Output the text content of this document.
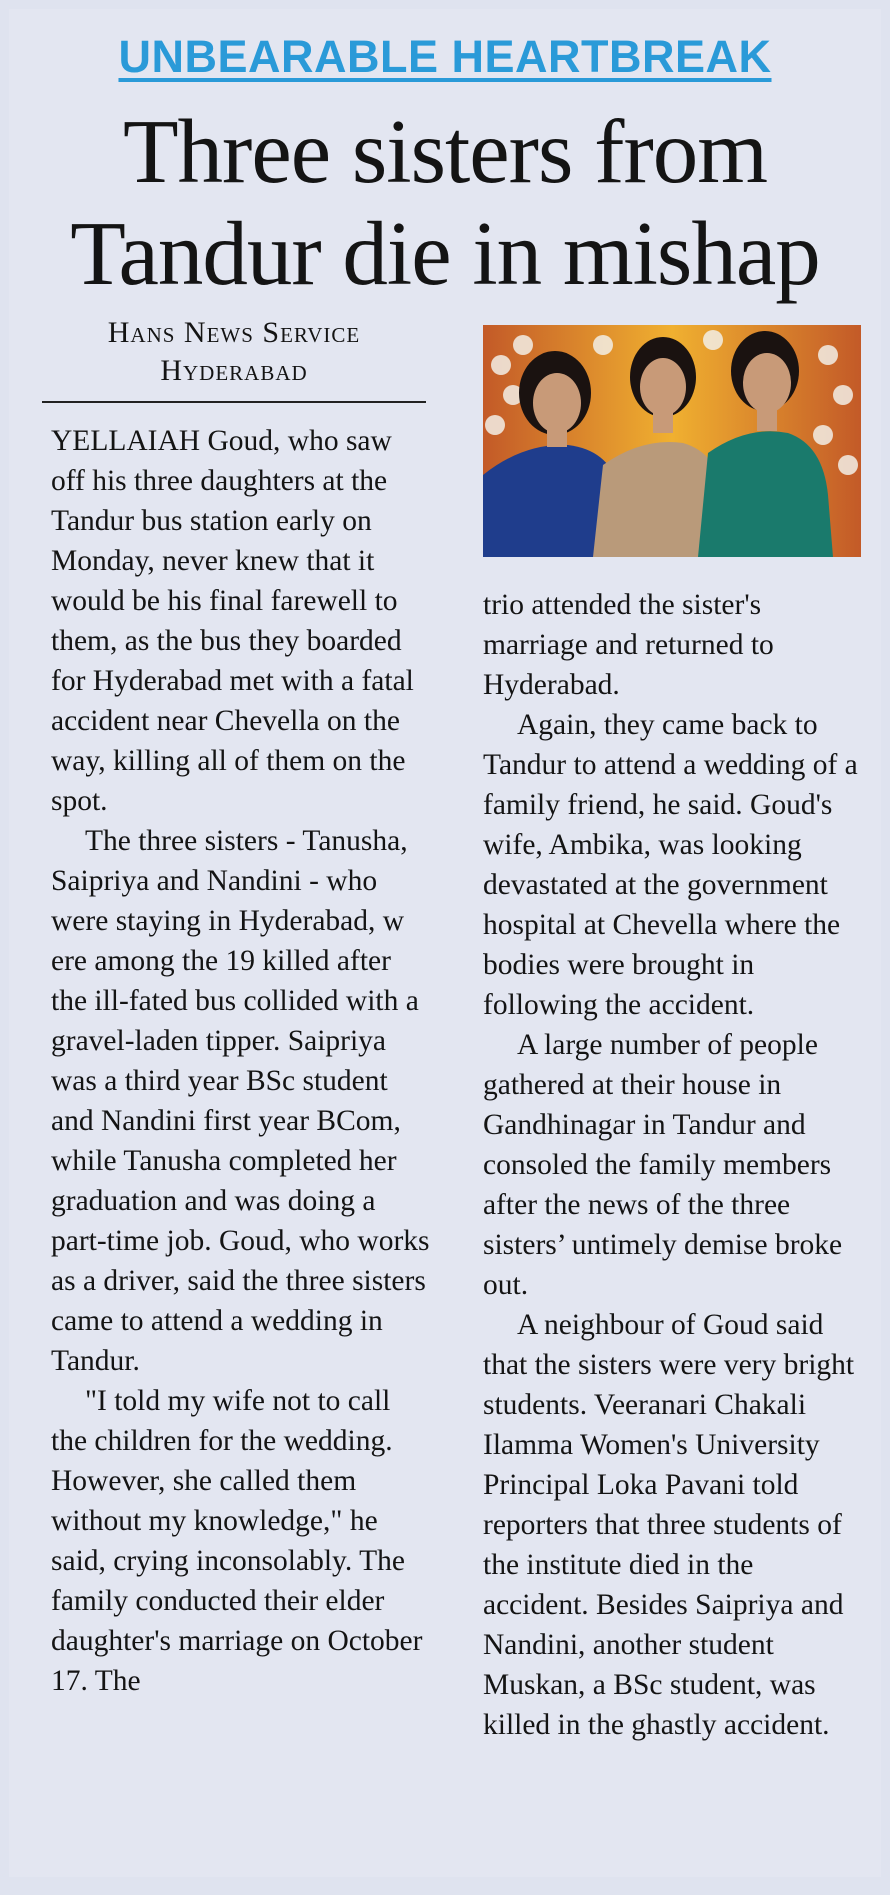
UNBEARABLE HEARTBREAK
Three sisters from
Tandur die in mishap
Hans News Service
Hyderabad

YELLAIAH Goud, who saw off his three daughters at the Tandur bus station early on Monday, never knew that it would be his final farewell to them, as the bus they boarded for Hyderabad met with a fatal accident near Chevella on the way, killing all of them on the spot.

The three sisters - Tanusha, Saipriya and Nandini - who were staying in Hyderabad, w ere among the 19 killed after the ill-fated bus collided with a gravel-laden tipper. Saipriya was a third year BSc student and Nandini first year BCom, while Tanusha completed her graduation and was doing a part-time job. Goud, who works as a driver, said the three sisters came to attend a wedding in Tandur.

"I told my wife not to call the children for the wedding. However, she called them without my knowledge," he said, crying inconsolably. The family conducted their elder daughter's marriage on October 17. The

trio attended the sister's marriage and returned to Hyderabad.

Again, they came back to Tandur to attend a wedding of a family friend, he said. Goud's wife, Ambika, was looking devastated at the government hospital at Chevella where the bodies were brought in following the accident.

A large number of people gathered at their house in Gandhinagar in Tandur and consoled the family members after the news of the three sisters’ untimely demise broke out.

A neighbour of Goud said that the sisters were very bright students. Veeranari Chakali Ilamma Women's University Principal Loka Pavani told reporters that three students of the institute died in the accident. Besides Saipriya and Nandini, another student Muskan, a BSc student, was killed in the ghastly accident.
